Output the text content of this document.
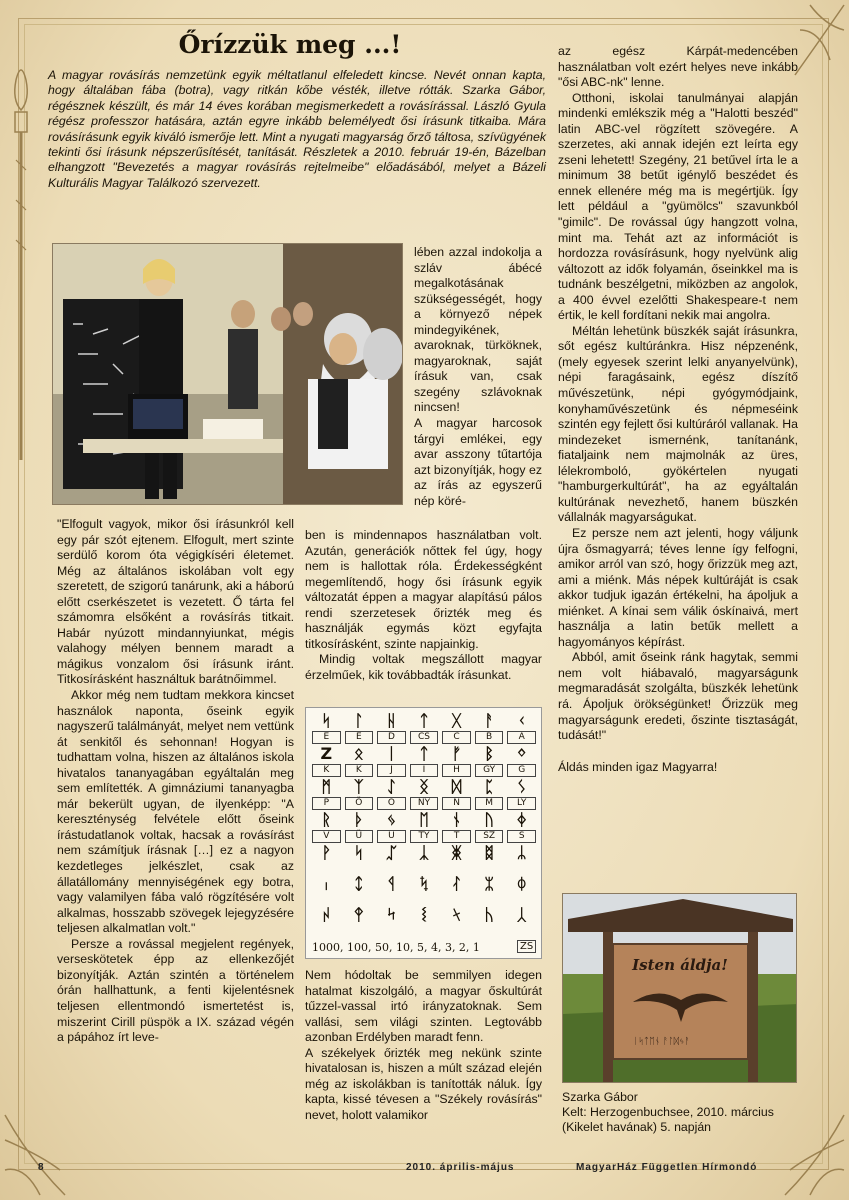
Őrízzük meg ...!
A magyar rovásírás nemzetünk egyik méltatlanul elfeledett kincse. Nevét onnan kapta, hogy általában fába (botra), vagy ritkán kőbe vésték, illetve rótták. Szarka Gábor, régésznek készült, és már 14 éves korában megismerkedett a rovásírással. László Gyula régész professzor hatására, aztán egyre inkább belemélyedt ősi írásunk titkaiba. Mára rovásírásunk egyik kiváló ismerője lett. Mint a nyugati magyarság őrző táltosa, szívügyének tekinti ősi írásunk népszerűsítését, tanítását. Részletek a 2010. február 19-én, Bázelban elhangzott "Bevezetés a magyar rovásírás rejtelmeibe" előadásából, melyet a Bázeli Kulturális Magyar Találkozó szervezett.

"Elfogult vagyok, mikor ősi írásunkról kell egy pár szót ejtenem. Elfogult, mert szinte serdülő korom óta végigkíséri életemet. Még az általános iskolában volt egy szeretett, de szigorú tanárunk, aki a háború előtt cserkészetet is vezetett. Ő tárta fel számomra elsőként a rovásírás titkait. Habár nyúzott mindannyiunkat, mégis valahogy mélyen bennem maradt a mágikus vonzalom ősi írásunk iránt. Titkosírásként használtuk barátnőimmel.

Akkor még nem tudtam mekkora kincset használok naponta, őseink egyik nagyszerű találmányát, melyet nem vettünk át senkitől és sehonnan! Hogyan is tudhattam volna, hiszen az általános iskola hivatalos tananyagában egyáltalán meg sem említették. A gimnáziumi tananyagba már bekerült ugyan, de ilyenképp: "A kereszténység felvétele előtt őseink írástudatlanok voltak, hacsak a rovásírást nem számítjuk írásnak […] ez a nagyon kezdetleges jelkészlet, csak az állatállomány mennyiségének egy botra, vagy valamilyen fába való rögzítésére volt alkalmas, hosszabb szövegek lejegyzésére teljesen alkalmatlan volt."

Persze a rovással megjelent regények, verseskötetek épp az ellenkezőjét bizonyítják. Aztán szintén a történelem órán hallhattunk, a fenti kijelentésnek teljesen ellentmondó ismertetést is, miszerint Cirill püspök a IX. század végén a pápához írt leve-

lében azzal indokolja a szláv ábécé megalkotásának szükségességét, hogy a környező népek mindegyikének, avaroknak, türköknek, magyaroknak, saját írásuk van, csak szegény szlávoknak nincsen!

A magyar harcosok tárgyi emlékei, egy avar asszony tűtartója azt bizonyítják, hogy ez az írás az egyszerű nép köré-

ben is mindennapos használatban volt. Azután, generációk nőttek fel úgy, hogy nem is hallottak róla. Érdekességként megemlítendő, hogy ősi írásunk egyik változatát éppen a magyar alapítású pálos rendi szerzetesek őrizték meg és használják egymás közt egyfajta titkosírásként, szinte napjainkig.

Mindig voltak megszállott magyar érzelműek, kik továbbadták írásunkat.

ᛋ	ᛚ	ᚺ	ᛏ	ᚷ	ᚨ	ᚲ
E	E	D	CS	C	B	A
Z	ᛟ	ᛁ	ᛏ	ᚠ	ᛒ	ᛜ
K	K	J	I	H	GY	G
ᛗ	ᛉ	ᛇ	ᛝ	ᛞ	ᛈ	ᛊ
P	Ö	O	NY	N	M	LY
ᚱ	ᚦ	ᛃ	ᛖ	ᚾ	ᚢ	ᛄ
V	Ü	U	TY	T	SZ	S
ᚹ	ᛋ	ᛢ	ᛣ	ᛤ	ᛥ	ᛦ
ᛧ	ᛨ	ᛩ	ᛪ	ᛮ	ᛯ	ᛰ
ᛲ	ᛳ	ᛴ	ᛵ	ᛶ	ᛷ	ᛸ
1000, 100, 50, 10, 5, 4, 3, 2, 1	ZS

Nem hódoltak be semmilyen idegen hatalmat kiszolgáló, a magyar őskultúrát tűzzel-vassal irtó irányzatoknak. Sem vallási, sem világi szinten. Legtovább azonban Erdélyben maradt fenn.

A székelyek őrizték meg nekünk szinte hivatalosan is, hiszen a múlt század elején még az iskolákban is tanították náluk. Így kapta, kissé tévesen a "Székely rovásírás" nevet, holott valamikor

az egész Kárpát-medencében használatban volt ezért helyes neve inkább "ősi ABC-nk" lenne.

Otthoni, iskolai tanulmányai alapján mindenki emlékszik még a "Halotti beszéd" latin ABC-vel rögzített szövegére. A szerzetes, aki annak idején ezt leírta egy zseni lehetett! Szegény, 21 betűvel írta le a minimum 38 betűt igénylő beszédet és ennek ellenére még ma is megértjük. Így lett például a "gyümölcs" szavunkból "gimilc". De rovással úgy hangzott volna, mint ma. Tehát azt az információt is hordozza rovásírásunk, hogy nyelvünk alig változott az idők folyamán, őseinkkel ma is tudnánk beszélgetni, miközben az angolok, a 400 évvel ezelőtti Shakespeare-t nem értik, le kell fordítani nekik mai angolra.

Méltán lehetünk büszkék saját írásunkra, sőt egész kultúránkra. Hisz népzenénk, (mely egyesek szerint lelki anyanyelvünk), népi faragásaink, egész díszítő művészetünk, népi gyógymódjaink, konyhaművészetünk és népmeséink szintén egy fejlett ősi kultúráról vallanak. Ha mindezeket ismernénk, tanítanánk, fiataljaink nem majmolnák az üres, lélekromboló, gyökértelen nyugati "hamburgerkultúrát", ha az egyáltalán kultúrának nevezhető, hanem büszkén vállalnák magyarságukat.

Ez persze nem azt jelenti, hogy váljunk újra ősmagyarrá; téves lenne így felfogni, amikor arról van szó, hogy őrizzük meg azt, ami a miénk. Más népek kultúráját is csak akkor tudjuk igazán értékelni, ha ápoljuk a miénket. A kínai sem válik óskínaivá, mert használja a latin betűk mellett a hagyományos képírást.

Abból, amit őseink ránk hagytak, semmi nem volt hiábavaló, magyarságunk megmaradását szolgálta, büszkék lehetünk rá. Ápoljuk örökségünket! Őrizzük meg magyarságunk eredeti, őszinte tisztaságát, tudását!"

Áldás minden igaz Magyarra!

ᛁᛋᛏᛖᚾ ᚨᛚᛞᛃᚨ
Isten áldja!
Szarka Gábor
Kelt: Herzogenbuchsee, 2010. március (Kikelet havának) 5. napján
8	2010. április-május	MagyarHáz Független Hírmondó
